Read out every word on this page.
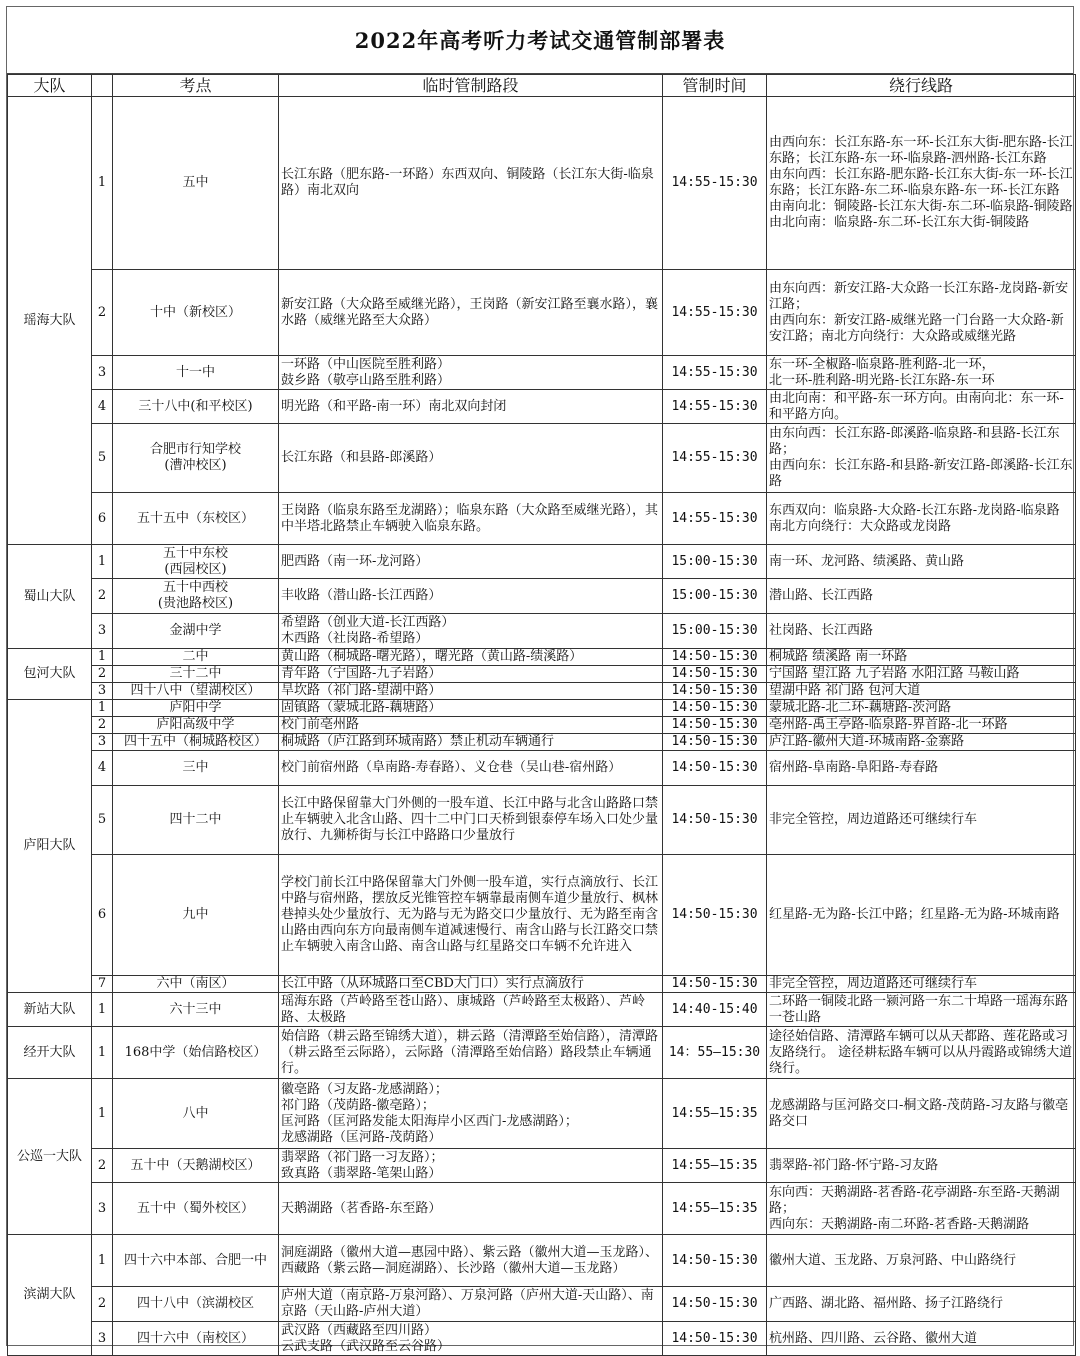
2022年高考听力考试交通管制部署表
大队		考点	临时管制路段	管制时间	绕行线路
瑶海大队	1	五中	长江东路（肥东路-一环路）东西双向、铜陵路（长江东大街-临泉路）南北双向	14:55-15:30	由西向东：长江东路-东一环-长江东大街-肥东路-长江东路；长江东路-东一环-临泉路-泗州路-长江东路
由东向西：长江东路-肥东路-长江东大街-东一环-长江东路；长江东路-东二环-临泉东路-东一环-长江东路
由南向北：铜陵路-长江东大街-东二环-临泉路-铜陵路
由北向南：临泉路-东二环-长江东大街-铜陵路
	2	十中（新校区）	新安江路（大众路至威继光路），王岗路（新安江路至襄水路），襄水路（威继光路至大众路）	14:55-15:30	由东向西：新安江路-大众路一长江东路-龙岗路-新安江路；
由西向东：新安江路-威继光路一门台路一大众路-新安江路；南北方向绕行：大众路或威继光路
	3	十一中	一环路（中山医院至胜利路）
鼓乡路（敬亭山路至胜利路）	14:55-15:30	东一环-全椒路-临泉路-胜利路-北一环，
北一环-胜利路-明光路-长江东路-东一环
	4	三十八中(和平校区)	明光路（和平路-南一环）南北双向封闭	14:55-15:30	由北向南：和平路-东一环方向。由南向北：东一环-和平路方向。
	5	合肥市行知学校
(漕冲校区)	长江东路（和县路-郎溪路）	14:55-15:30	由东向西：长江东路-郎溪路-临泉路-和县路-长江东路；
由西向东：长江东路-和县路-新安江路-郎溪路-长江东路
	6	五十五中（东校区）	王岗路（临泉东路至龙湖路）；临泉东路（大众路至威继光路），其中半塔北路禁止车辆驶入临泉东路。	14:55-15:30	东西双向：临泉路-大众路-长江东路-龙岗路-临泉路
南北方向绕行：大众路或龙岗路
蜀山大队	1	五十中东校
(西园校区)	肥西路（南一环-龙河路）	15:00-15:30	南一环、龙河路、绩溪路、黄山路
	2	五十中西校
(贵池路校区)	丰收路（潜山路-长江西路）	15:00-15:30	潜山路、长江西路
	3	金湖中学	希望路（创业大道-长江西路）
木西路（社岗路-希望路）	15:00-15:30	社岗路、长江西路
包河大队	1	二中	黄山路（桐城路-曙光路），曙光路（黄山路-绩溪路）	14:50-15:30	桐城路 绩溪路 南一环路
	2	三十二中	青年路（宁国路-九子岩路）	14:50-15:30	宁国路 望江路 九子岩路 水阳江路 马鞍山路
	3	四十八中（望湖校区）	旱坎路（祁门路-望湖中路）	14:50-15:30	望湖中路 祁门路 包河大道
庐阳大队	1	庐阳中学	固镇路（蒙城北路-藕塘路）	14:50-15:30	蒙城北路-北二环-藕塘路-茨河路
	2	庐阳高级中学	校门前亳州路	14:50-15:30	亳州路-禹王亭路-临泉路-界首路-北一环路
	3	四十五中（桐城路校区）	桐城路（庐江路到环城南路）禁止机动车辆通行	14:50-15:30	庐江路-徽州大道-环城南路-金寨路
	4	三中	校门前宿州路（阜南路-寿春路）、义仓巷（吴山巷-宿州路）	14:50-15:30	宿州路-阜南路-阜阳路-寿春路
	5	四十二中	长江中路保留靠大门外侧的一股车道、长江中路与北含山路路口禁止车辆驶入北含山路、四十二中门口天桥到银泰停车场入口处少量放行、九狮桥街与长江中路路口少量放行	14:50-15:30	非完全管控，周边道路还可继续行车
	6	九中	学校门前长江中路保留靠大门外侧一股车道，实行点滴放行、长江中路与宿州路，摆放反光锥管控车辆靠最南侧车道少量放行、枫林巷掉头处少量放行、无为路与无为路交口少量放行、无为路至南含山路由西向东方向最南侧车道减速慢行、南含山路与长江路交口禁止车辆驶入南含山路、南含山路与红星路交口车辆不允许进入	14:50-15:30	红星路-无为路-长江中路；红星路-无为路-环城南路
	7	六中（南区）	长江中路（从环城路口至CBD大门口）实行点滴放行	14:50-15:30	非完全管控，周边道路还可继续行车
新站大队	1	六十三中	瑶海东路（芦岭路至苍山路）、康城路（芦岭路至太极路）、芦岭路、太极路	14:40-15:40	二环路一铜陵北路一颍河路一东二十埠路一瑶海东路一苍山路
经开大队	1	168中学（始信路校区）	始信路（耕云路至锦绣大道），耕云路（清潭路至始信路），清潭路（耕云路至云际路），云际路（清潭路至始信路）路段禁止车辆通行。	14：55—15:30	途径始信路、清潭路车辆可以从天都路、莲花路或习友路绕行。 途径耕耘路车辆可以从丹霞路或锦绣大道绕行。
公巡一大队	1	八中	徽亳路（习友路-龙感湖路）；
祁门路（茂荫路-徽亳路）；
匡河路（匡河路发能太阳海岸小区西门-龙感湖路）；
龙感湖路（匡河路-茂荫路）	14:55—15:35	龙感湖路与匡河路交口-桐文路-茂荫路-习友路与徽亳路交口
	2	五十中（天鹅湖校区）	翡翠路（祁门路一习友路）；
致真路（翡翠路-笔架山路）	14:55—15:35	翡翠路-祁门路-怀宁路-习友路
	3	五十中（蜀外校区）	天鹅湖路（茗香路-东至路）	14:55—15:35	东向西：天鹅湖路-茗香路-花亭湖路-东至路-天鹅湖路；
西向东：天鹅湖路-南二环路-茗香路-天鹅湖路
滨湖大队	1	四十六中本部、合肥一中	洞庭湖路（徽州大道—惠园中路）、紫云路（徽州大道—玉龙路）、西藏路（紫云路—洞庭湖路）、长沙路（徽州大道—玉龙路）	14:50-15:30	徽州大道、玉龙路、万泉河路、中山路绕行
	2	四十八中（滨湖校区	庐州大道（南京路-万泉河路）、万泉河路（庐州大道-天山路）、南京路（天山路-庐州大道）	14:50-15:30	广西路、湖北路、福州路、扬子江路绕行
	3	四十六中（南校区）	武汉路（西藏路至四川路）
云武支路（武汉路至云谷路）	14:50-15:30	杭州路、四川路、云谷路、徽州大道
